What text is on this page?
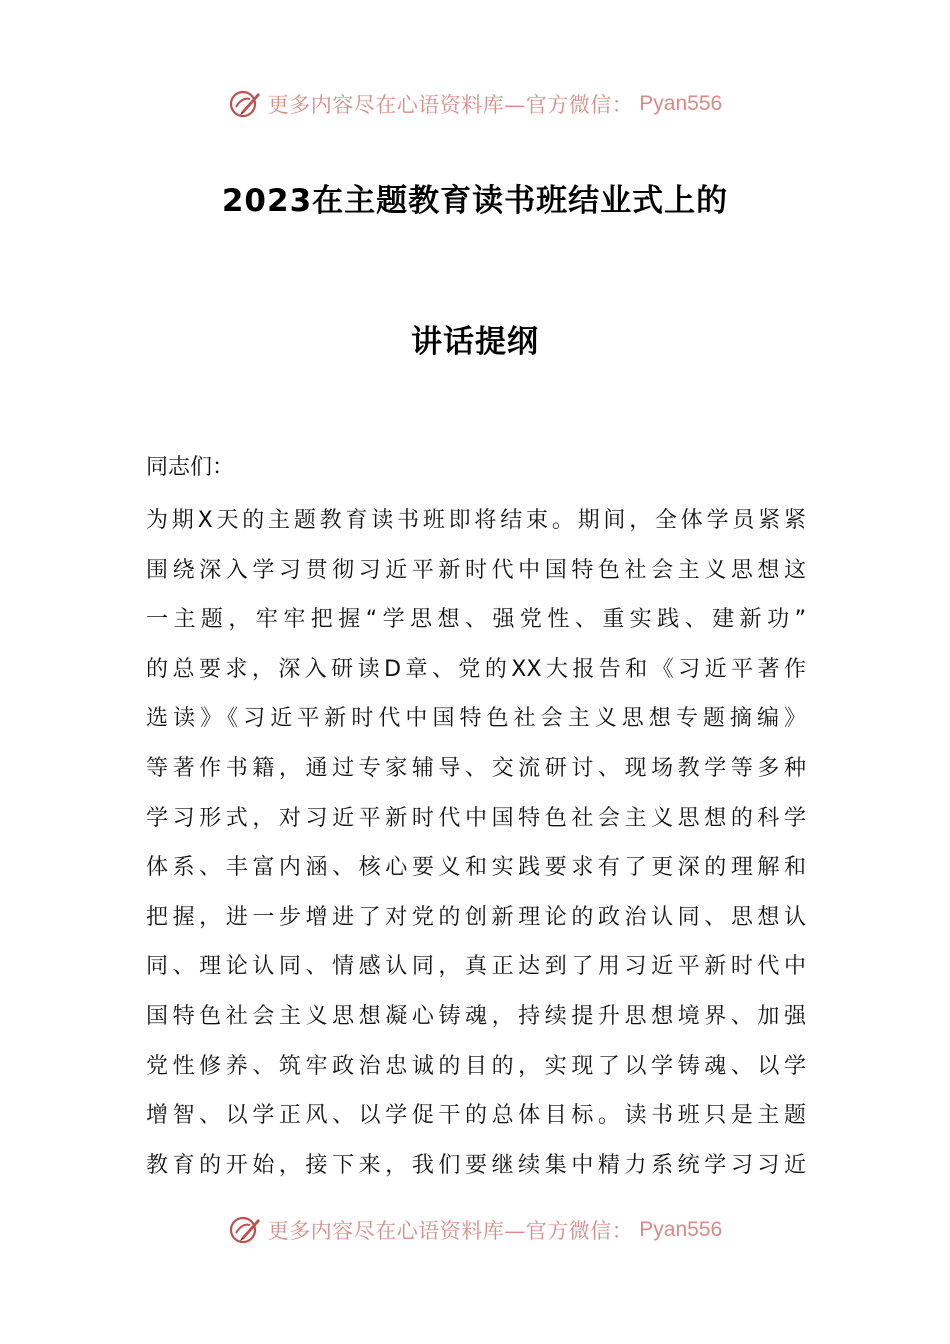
更多内容尽在心语资料库—官方微信： Pyan556
2023在主题教育读书班结业式上的
讲话提纲
同志们：
为期X天的主题教育读书班即将结束。期间，全体学员紧紧
围绕深入学习贯彻习近平新时代中国特色社会主义思想这
一主题，牢牢把握“学思想、强党性、重实践、建新功”
的总要求，深入研读D章、党的XX大报告和《习近平著作
选读》《习近平新时代中国特色社会主义思想专题摘编》
等著作书籍，通过专家辅导、交流研讨、现场教学等多种
学习形式，对习近平新时代中国特色社会主义思想的科学
体系、丰富内涵、核心要义和实践要求有了更深的理解和
把握，进一步增进了对党的创新理论的政治认同、思想认
同、理论认同、情感认同，真正达到了用习近平新时代中
国特色社会主义思想凝心铸魂，持续提升思想境界、加强
党性修养、筑牢政治忠诚的目的，实现了以学铸魂、以学
增智、以学正风、以学促干的总体目标。读书班只是主题
教育的开始，接下来，我们要继续集中精力系统学习习近
更多内容尽在心语资料库—官方微信： Pyan556
